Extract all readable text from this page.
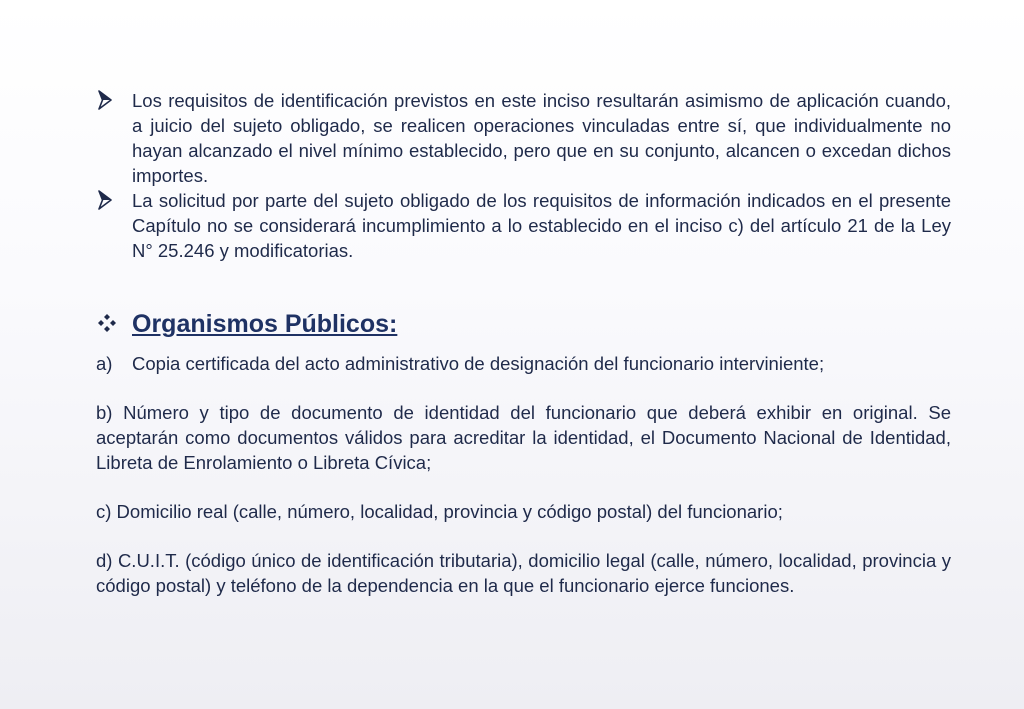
Los requisitos de identificación previstos en este inciso resultarán asimismo de aplicación cuando, a juicio del sujeto obligado, se realicen operaciones vinculadas entre sí, que individualmente no hayan alcanzado el nivel mínimo establecido, pero que en su conjunto, alcancen o excedan dichos importes.
La solicitud por parte del sujeto obligado de los requisitos de información indicados en el presente Capítulo no se considerará incumplimiento a lo establecido en el inciso c) del artículo 21 de la Ley N° 25.246 y modificatorias.
Organismos Públicos:

a) Copia certificada del acto administrativo de designación del funcionario interviniente;

b) Número y tipo de documento de identidad del funcionario que deberá exhibir en original. Se aceptarán como documentos válidos para acreditar la identidad, el Documento Nacional de Identidad, Libreta de Enrolamiento o Libreta Cívica;

c) Domicilio real (calle, número, localidad, provincia y código postal) del funcionario;

d) C.U.I.T. (código único de identificación tributaria), domicilio legal (calle, número, localidad, provincia y código postal) y teléfono de la dependencia en la que el funcionario ejerce funciones.
